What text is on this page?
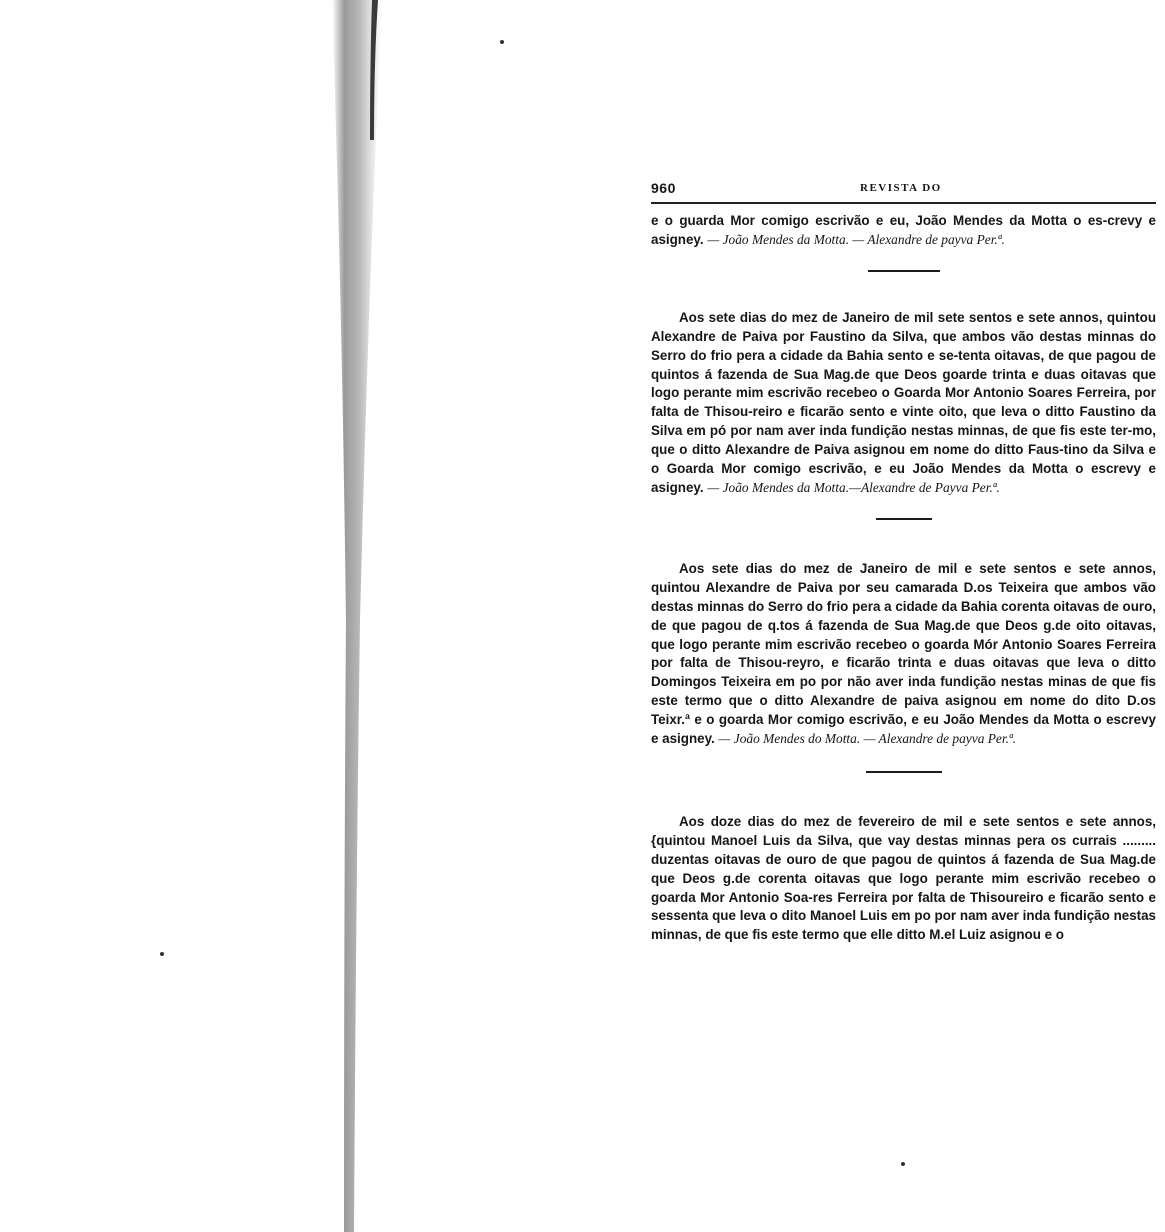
960	REVISTA DO

e o guarda Mor comigo escrivão e eu, João Mendes da Motta o es-crevy e asigney. — João Mendes da Motta. — Alexandre de payva Per.ª.

Aos sete dias do mez de Janeiro de mil sete sentos e sete annos, quintou Alexandre de Paiva por Faustino da Silva, que ambos vão destas minnas do Serro do frio pera a cidade da Bahia sento e se-tenta oitavas, de que pagou de quintos á fazenda de Sua Mag.de que Deos goarde trinta e duas oitavas que logo perante mim escrivão recebeo o Goarda Mor Antonio Soares Ferreira, por falta de Thisou-reiro e ficarão sento e vinte oito, que leva o ditto Faustino da Silva em pó por nam aver inda fundição nestas minnas, de que fis este ter-mo, que o ditto Alexandre de Paiva asignou em nome do ditto Faus-tino da Silva e o Goarda Mor comigo escrivão, e eu João Mendes da Motta o escrevy e asigney. — João Mendes da Motta.—Alexandre de Payva Per.ª.

Aos sete dias do mez de Janeiro de mil e sete sentos e sete annos, quintou Alexandre de Paiva por seu camarada D.os Teixeira que ambos vão destas minnas do Serro do frio pera a cidade da Bahia corenta oitavas de ouro, de que pagou de q.tos á fazenda de Sua Mag.de que Deos g.de oito oitavas, que logo perante mim escrivão recebeo o goarda Mór Antonio Soares Ferreira por falta de Thisou-reyro, e ficarão trinta e duas oitavas que leva o ditto Domingos Teixeira em po por não aver inda fundição nestas minas de que fis este termo que o ditto Alexandre de paiva asignou em nome do dito D.os Teixr.ª e o goarda Mor comigo escrivão, e eu João Mendes da Motta o escrevy e asigney. — João Mendes do Motta. — Alexandre de payva Per.ª.

Aos doze dias do mez de fevereiro de mil e sete sentos e sete annos, {quintou Manoel Luis da Silva, que vay destas minnas pera os currais ......... duzentas oitavas de ouro de que pagou de quintos á fazenda de Sua Mag.de que Deos g.de corenta oitavas que logo perante mim escrivão recebeo o goarda Mor Antonio Soa-res Ferreira por falta de Thisoureiro e ficarão sento e sessenta que leva o dito Manoel Luis em po por nam aver inda fundição nestas minnas, de que fis este termo que elle ditto M.el Luiz asignou e o
